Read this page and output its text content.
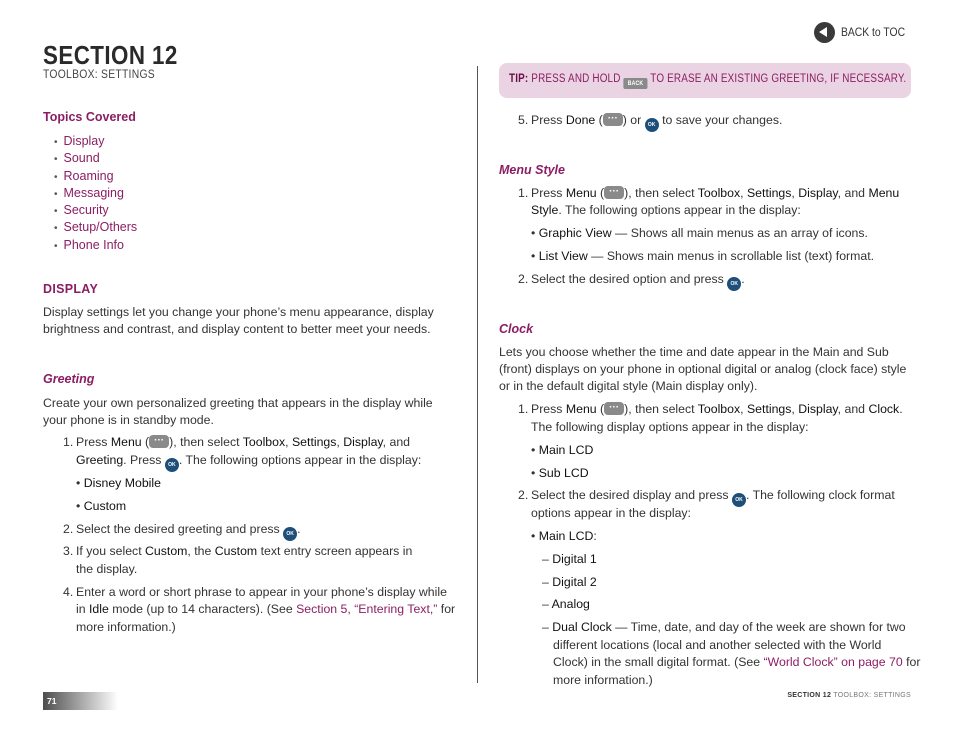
SECTION 12
TOOLBOX: SETTINGS
BACK to TOC
Topics Covered
• Display
• Sound
• Roaming
• Messaging
• Security
• Setup/Others
• Phone Info
DISPLAY
Display settings let you change your phone’s menu appearance, display
brightness and contrast, and display content to better meet your needs.
Greeting
Create your own personalized greeting that appears in the display while
your phone is in standby mode.
1. Press Menu ( ··· ), then select Toolbox, Settings, Display, and
Greeting. Press OK . The following options appear in the display:
• Disney Mobile
• Custom
2. Select the desired greeting and press OK .
3. If you select Custom, the Custom text entry screen appears in
the display.
4. Enter a word or short phrase to appear in your phone’s display while
in Idle mode (up to 14 characters). (See Section 5, “Entering Text,” for
more information.)
TIP: PRESS AND HOLD BACK TO ERASE AN EXISTING GREETING, IF NECESSARY.
5. Press Done ( ··· ) or OK to save your changes.
Menu Style
1. Press Menu ( ··· ), then select Toolbox, Settings, Display, and Menu
Style. The following options appear in the display:
• Graphic View — Shows all main menus as an array of icons.
• List View — Shows main menus in scrollable list (text) format.
2. Select the desired option and press OK .
Clock
Lets you choose whether the time and date appear in the Main and Sub
(front) displays on your phone in optional digital or analog (clock face) style
or in the default digital style (Main display only).
1. Press Menu ( ··· ), then select Toolbox, Settings, Display, and Clock.
The following display options appear in the display:
• Main LCD
• Sub LCD
2. Select the desired display and press OK . The following clock format
options appear in the display:
• Main LCD:
– Digital 1
– Digital 2
– Analog
– Dual Clock — Time, date, and day of the week are shown for two
different locations (local and another selected with the World
Clock) in the small digital format. (See “World Clock” on page 70 for
more information.)
71
SECTION 12 TOOLBOX: SETTINGS
